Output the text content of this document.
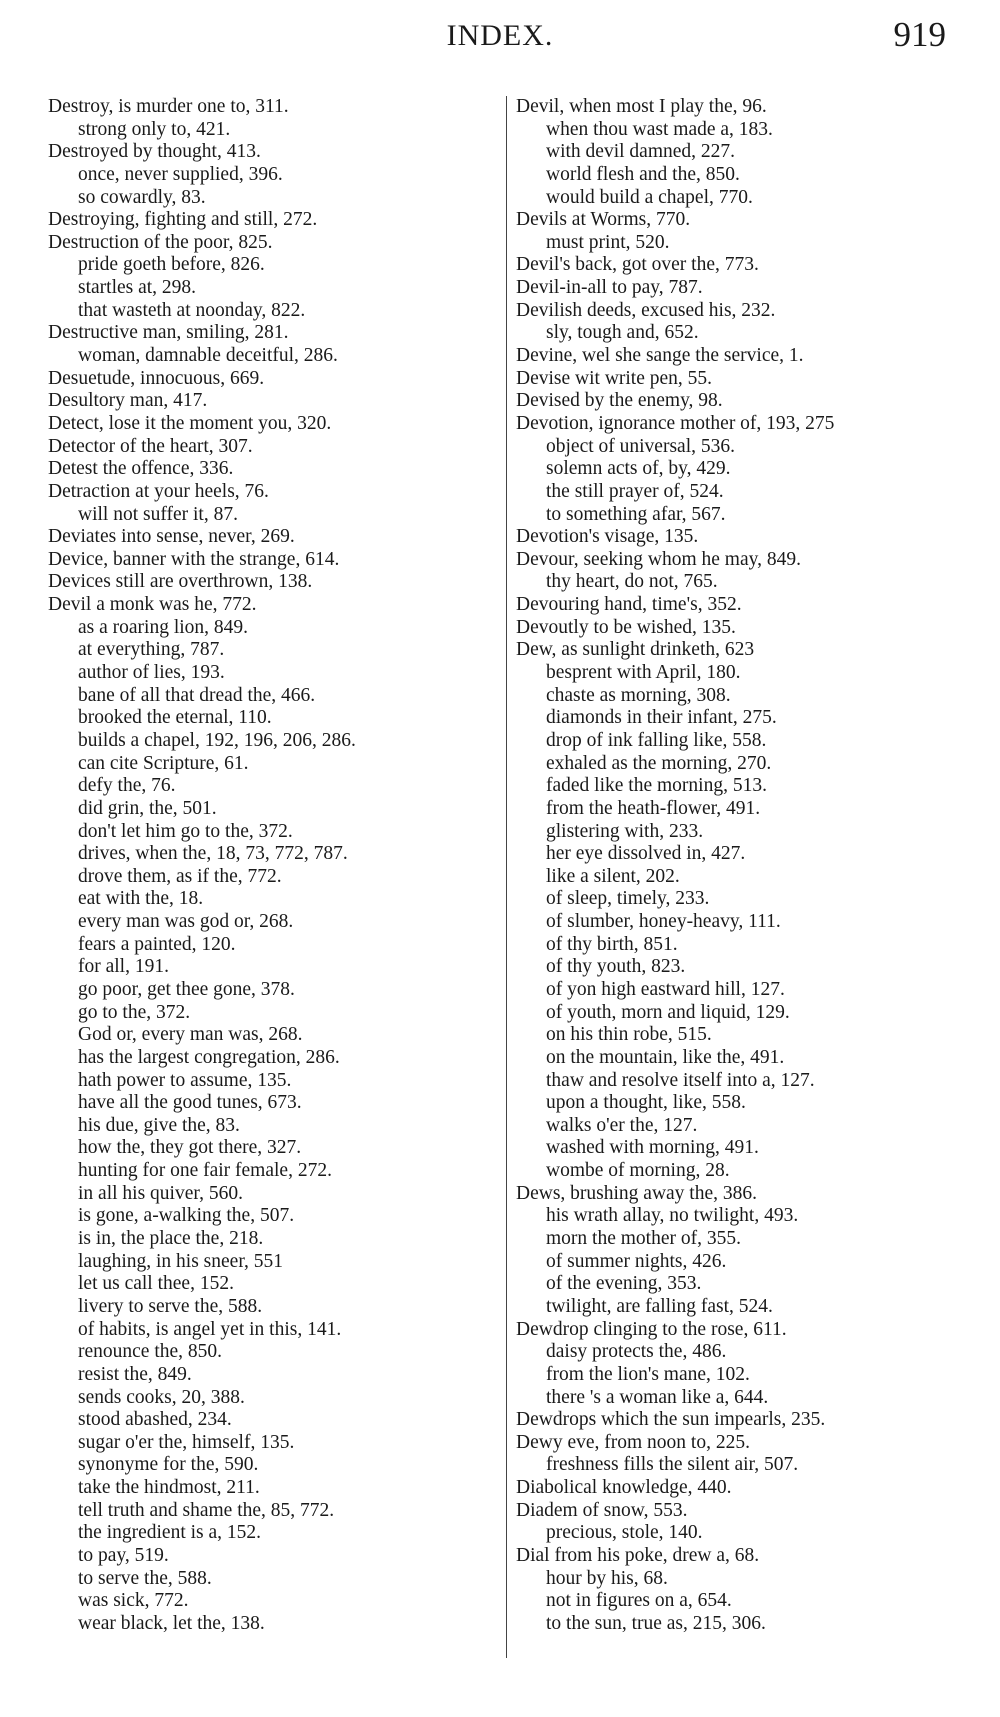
INDEX.	919
Destroy, is murder one to, 311.
strong only to, 421.
Destroyed by thought, 413.
once, never supplied, 396.
so cowardly, 83.
Destroying, fighting and still, 272.
Destruction of the poor, 825.
pride goeth before, 826.
startles at, 298.
that wasteth at noonday, 822.
Destructive man, smiling, 281.
woman, damnable deceitful, 286.
Desuetude, innocuous, 669.
Desultory man, 417.
Detect, lose it the moment you, 320.
Detector of the heart, 307.
Detest the offence, 336.
Detraction at your heels, 76.
will not suffer it, 87.
Deviates into sense, never, 269.
Device, banner with the strange, 614.
Devices still are overthrown, 138.
Devil a monk was he, 772.
as a roaring lion, 849.
at everything, 787.
author of lies, 193.
bane of all that dread the, 466.
brooked the eternal, 110.
builds a chapel, 192, 196, 206, 286.
can cite Scripture, 61.
defy the, 76.
did grin, the, 501.
don't let him go to the, 372.
drives, when the, 18, 73, 772, 787.
drove them, as if the, 772.
eat with the, 18.
every man was god or, 268.
fears a painted, 120.
for all, 191.
go poor, get thee gone, 378.
go to the, 372.
God or, every man was, 268.
has the largest congregation, 286.
hath power to assume, 135.
have all the good tunes, 673.
his due, give the, 83.
how the, they got there, 327.
hunting for one fair female, 272.
in all his quiver, 560.
is gone, a-walking the, 507.
is in, the place the, 218.
laughing, in his sneer, 551
let us call thee, 152.
livery to serve the, 588.
of habits, is angel yet in this, 141.
renounce the, 850.
resist the, 849.
sends cooks, 20, 388.
stood abashed, 234.
sugar o'er the, himself, 135.
synonyme for the, 590.
take the hindmost, 211.
tell truth and shame the, 85, 772.
the ingredient is a, 152.
to pay, 519.
to serve the, 588.
was sick, 772.
wear black, let the, 138.
Devil, when most I play the, 96.
when thou wast made a, 183.
with devil damned, 227.
world flesh and the, 850.
would build a chapel, 770.
Devils at Worms, 770.
must print, 520.
Devil's back, got over the, 773.
Devil-in-all to pay, 787.
Devilish deeds, excused his, 232.
sly, tough and, 652.
Devine, wel she sange the service, 1.
Devise wit write pen, 55.
Devised by the enemy, 98.
Devotion, ignorance mother of, 193, 275
object of universal, 536.
solemn acts of, by, 429.
the still prayer of, 524.
to something afar, 567.
Devotion's visage, 135.
Devour, seeking whom he may, 849.
thy heart, do not, 765.
Devouring hand, time's, 352.
Devoutly to be wished, 135.
Dew, as sunlight drinketh, 623
besprent with April, 180.
chaste as morning, 308.
diamonds in their infant, 275.
drop of ink falling like, 558.
exhaled as the morning, 270.
faded like the morning, 513.
from the heath-flower, 491.
glistering with, 233.
her eye dissolved in, 427.
like a silent, 202.
of sleep, timely, 233.
of slumber, honey-heavy, 111.
of thy birth, 851.
of thy youth, 823.
of yon high eastward hill, 127.
of youth, morn and liquid, 129.
on his thin robe, 515.
on the mountain, like the, 491.
thaw and resolve itself into a, 127.
upon a thought, like, 558.
walks o'er the, 127.
washed with morning, 491.
wombe of morning, 28.
Dews, brushing away the, 386.
his wrath allay, no twilight, 493.
morn the mother of, 355.
of summer nights, 426.
of the evening, 353.
twilight, are falling fast, 524.
Dewdrop clinging to the rose, 611.
daisy protects the, 486.
from the lion's mane, 102.
there 's a woman like a, 644.
Dewdrops which the sun impearls, 235.
Dewy eve, from noon to, 225.
freshness fills the silent air, 507.
Diabolical knowledge, 440.
Diadem of snow, 553.
precious, stole, 140.
Dial from his poke, drew a, 68.
hour by his, 68.
not in figures on a, 654.
to the sun, true as, 215, 306.
